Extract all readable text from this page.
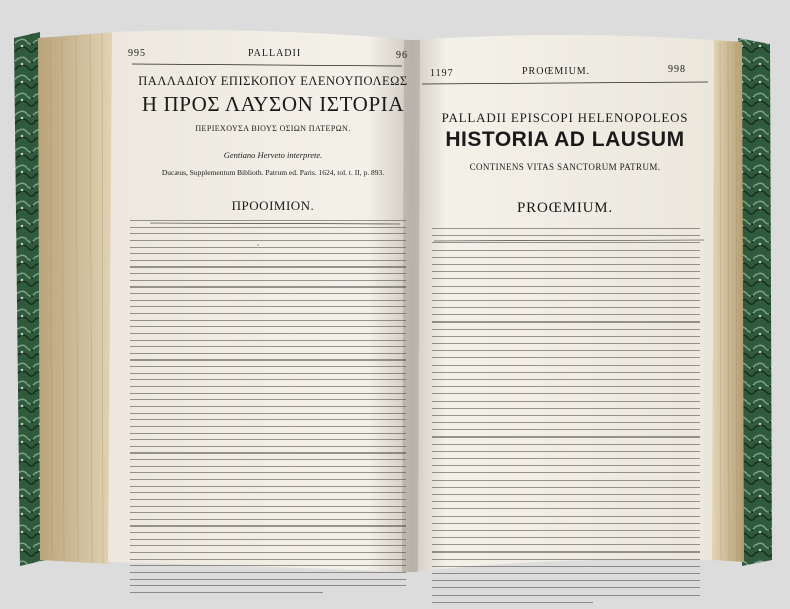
995	PALLADII	96
ΠΑΛΛΑΔΙΟΥ ΕΠΙΣΚΟΠΟΥ ΕΛΕΝΟΥΠΟΛΕΩΣ
Η ΠΡΟΣ ΛΑΥΣΟΝ ΙΣΤΟΡΙΑ
ΠΕΡΙΕΧΟΥΣΑ ΒΙΟΥΣ ΟΣΙΩΝ ΠΑΤΕΡΩΝ.
Gentiano Herveto interprete.
Ducæus, Supplementum Biblioth. Patrum ed. Paris. 1624, tol. t. II, p. 893.
ΠΡΟΟΙΜΙΟΝ.
1197	PROŒMIUM.	998
PALLADII EPISCOPI HELENOPOLEOS
HISTORIA AD LAUSUM
CONTINENS VITAS SANCTORUM PATRUM.
PROŒMIUM.
